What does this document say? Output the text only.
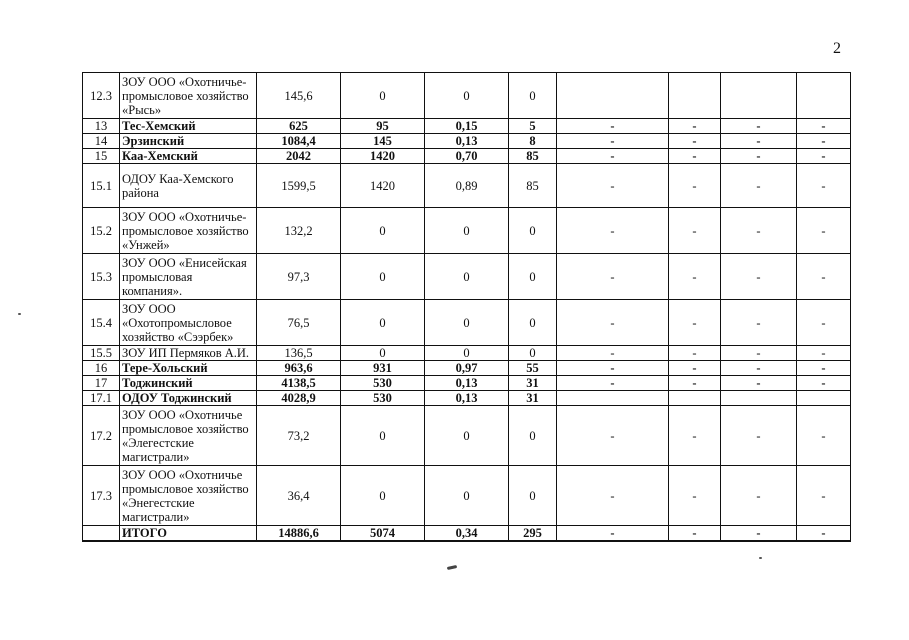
2
12.3	ЗОУ ООО «Охотничье-промысловое хозяйство «Рысь»	145,6	0	0	0				
13	Тес-Хемский	625	95	0,15	5	-	-	-	-
14	Эрзинский	1084,4	145	0,13	8	-	-	-	-
15	Каа-Хемский	2042	1420	0,70	85	-	-	-	-
15.1	ОДОУ Каа-Хемского района	1599,5	1420	0,89	85	-	-	-	-
15.2	ЗОУ ООО «Охотничье-промысловое хозяйство «Унжей»	132,2	0	0	0	-	-	-	-
15.3	ЗОУ ООО «Енисейская промысловая компания».	97,3	0	0	0	-	-	-	-
15.4	ЗОУ ООО «Охотопромысловое хозяйство «Сээрбек»	76,5	0	0	0	-	-	-	-
15.5	ЗОУ ИП Пермяков А.И.	136,5	0	0	0	-	-	-	-
16	Тере-Хольский	963,6	931	0,97	55	-	-	-	-
17	Тоджинский	4138,5	530	0,13	31	-	-	-	-
17.1	ОДОУ Тоджинский	4028,9	530	0,13	31				
17.2	ЗОУ ООО «Охотничье промысловое хозяйство «Элегестские магистрали»	73,2	0	0	0	-	-	-	-
17.3	ЗОУ ООО «Охотничье промысловое хозяйство «Энегестские магистрали»	36,4	0	0	0	-	-	-	-
	ИТОГО	14886,6	5074	0,34	295	-	-	-	-
